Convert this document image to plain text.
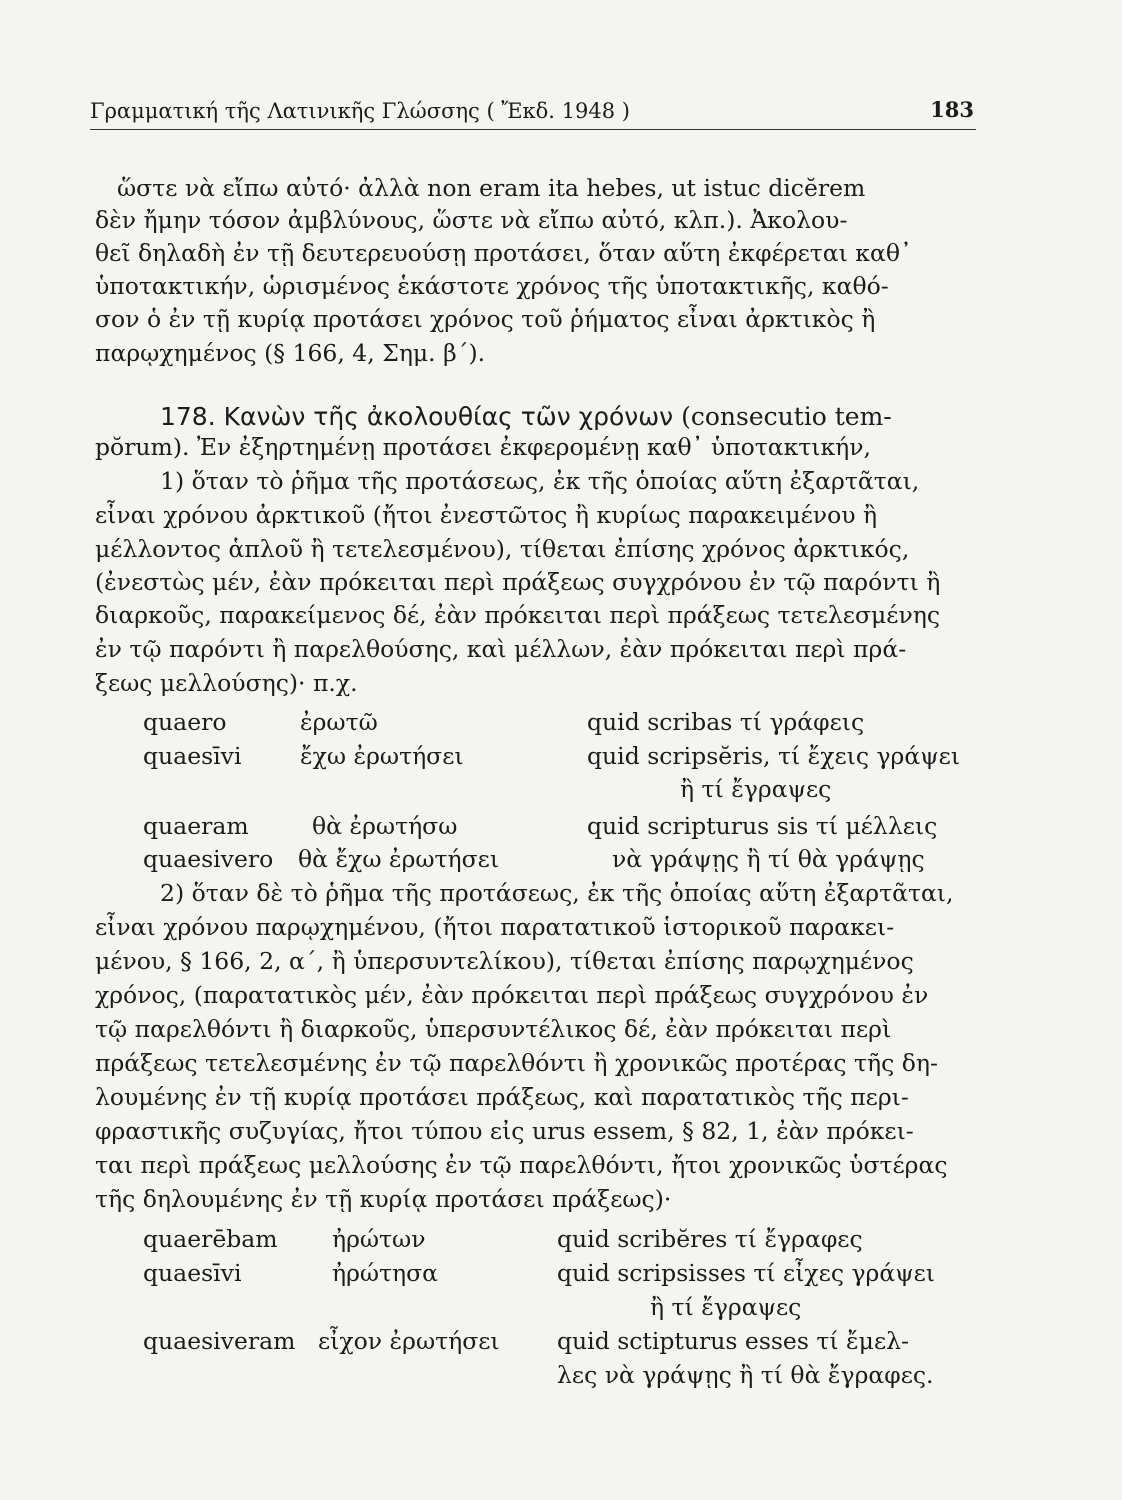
Γραμματική τῆς Λατινικῆς Γλώσσης ( Ἔκδ. 1948 )	183
ὥστε νὰ εἴπω αὐτό· ἀλλὰ non eram ita hebes, ut istuc dicĕrem
δὲν ἤμην τόσον ἀμβλύνους, ὥστε νὰ εἴπω αὐτό, κλπ.). Ἀκολου-
θεῖ δηλαδὴ ἐν τῇ δευτερευούσῃ προτάσει, ὅταν αὕτη ἐκφέρεται καθ᾽
ὑποτακτικήν, ὡρισμένος ἑκάστοτε χρόνος τῆς ὑποτακτικῆς, καθό-
σον ὁ ἐν τῇ κυρίᾳ προτάσει χρόνος τοῦ ῥήματος εἶναι ἀρκτικὸς ἢ
παρῳχημένος (§ 166, 4, Σημ. β΄).
178. Κανὼν τῆς ἀκολουθίας τῶν χρόνων (consecutio tem-
pŏrum). Ἐν ἐξηρτημένῃ προτάσει ἐκφερομένῃ καθ᾽ ὑποτακτικήν,
1) ὅταν τὸ ῥῆμα τῆς προτάσεως, ἐκ τῆς ὁποίας αὕτη ἐξαρτᾶται,
εἶναι χρόνου ἀρκτικοῦ (ἤτοι ἐνεστῶτος ἢ κυρίως παρακειμένου ἢ
μέλλοντος ἁπλοῦ ἢ τετελεσμένου), τίθεται ἐπίσης χρόνος ἀρκτικός,
(ἐνεστὼς μέν, ἐὰν πρόκειται περὶ πράξεως συγχρόνου ἐν τῷ παρόντι ἢ
διαρκοῦς, παρακείμενος δέ, ἐὰν πρόκειται περὶ πράξεως τετελεσμένης
ἐν τῷ παρόντι ἢ παρελθούσης, καὶ μέλλων, ἐὰν πρόκειται περὶ πρά-
ξεως μελλούσης)· π.χ.
quaero	ἐρωτῶ	quid scribas τί γράφεις
quaesīvi ἔχω ἐρωτήσει	quid scripsĕris, τί ἔχεις γράψει
ἢ τί ἔγραψες
quaeram	θὰ ἐρωτήσω	quid scripturus sis τί μέλλεις
quaesivero θὰ ἔχω ἐρωτήσει	νὰ γράψῃς ἢ τί θὰ γράψῃς
2) ὅταν δὲ τὸ ῥῆμα τῆς προτάσεως, ἐκ τῆς ὁποίας αὕτη ἐξαρτᾶται,
εἶναι χρόνου παρῳχημένου, (ἤτοι παρατατικοῦ ἱστορικοῦ παρακει-
μένου, § 166, 2, α΄, ἢ ὑπερσυντελίκου), τίθεται ἐπίσης παρῳχημένος
χρόνος, (παρατατικὸς μέν, ἐὰν πρόκειται περὶ πράξεως συγχρόνου ἐν
τῷ παρελθόντι ἢ διαρκοῦς, ὑπερσυντέλικος δέ, ἐὰν πρόκειται περὶ
πράξεως τετελεσμένης ἐν τῷ παρελθόντι ἢ χρονικῶς προτέρας τῆς δη-
λουμένης ἐν τῇ κυρίᾳ προτάσει πράξεως, καὶ παρατατικὸς τῆς περι-
φραστικῆς συζυγίας, ἤτοι τύπου εἰς urus essem, § 82, 1, ἐὰν πρόκει-
ται περὶ πράξεως μελλούσης ἐν τῷ παρελθόντι, ἤτοι χρονικῶς ὑστέρας
τῆς δηλουμένης ἐν τῇ κυρίᾳ προτάσει πράξεως)·
quaerēbam ἠρώτων	quid scribĕres τί ἔγραφες
quaesīvi	ἠρώτησα	quid scripsisses τί εἶχες γράψει
ἢ τί ἔγραψες
quaesiveram εἶχον ἐρωτήσει quid sctipturus esses τί ἔμελ-
λες νὰ γράψῃς ἢ τί θὰ ἔγραφες.
